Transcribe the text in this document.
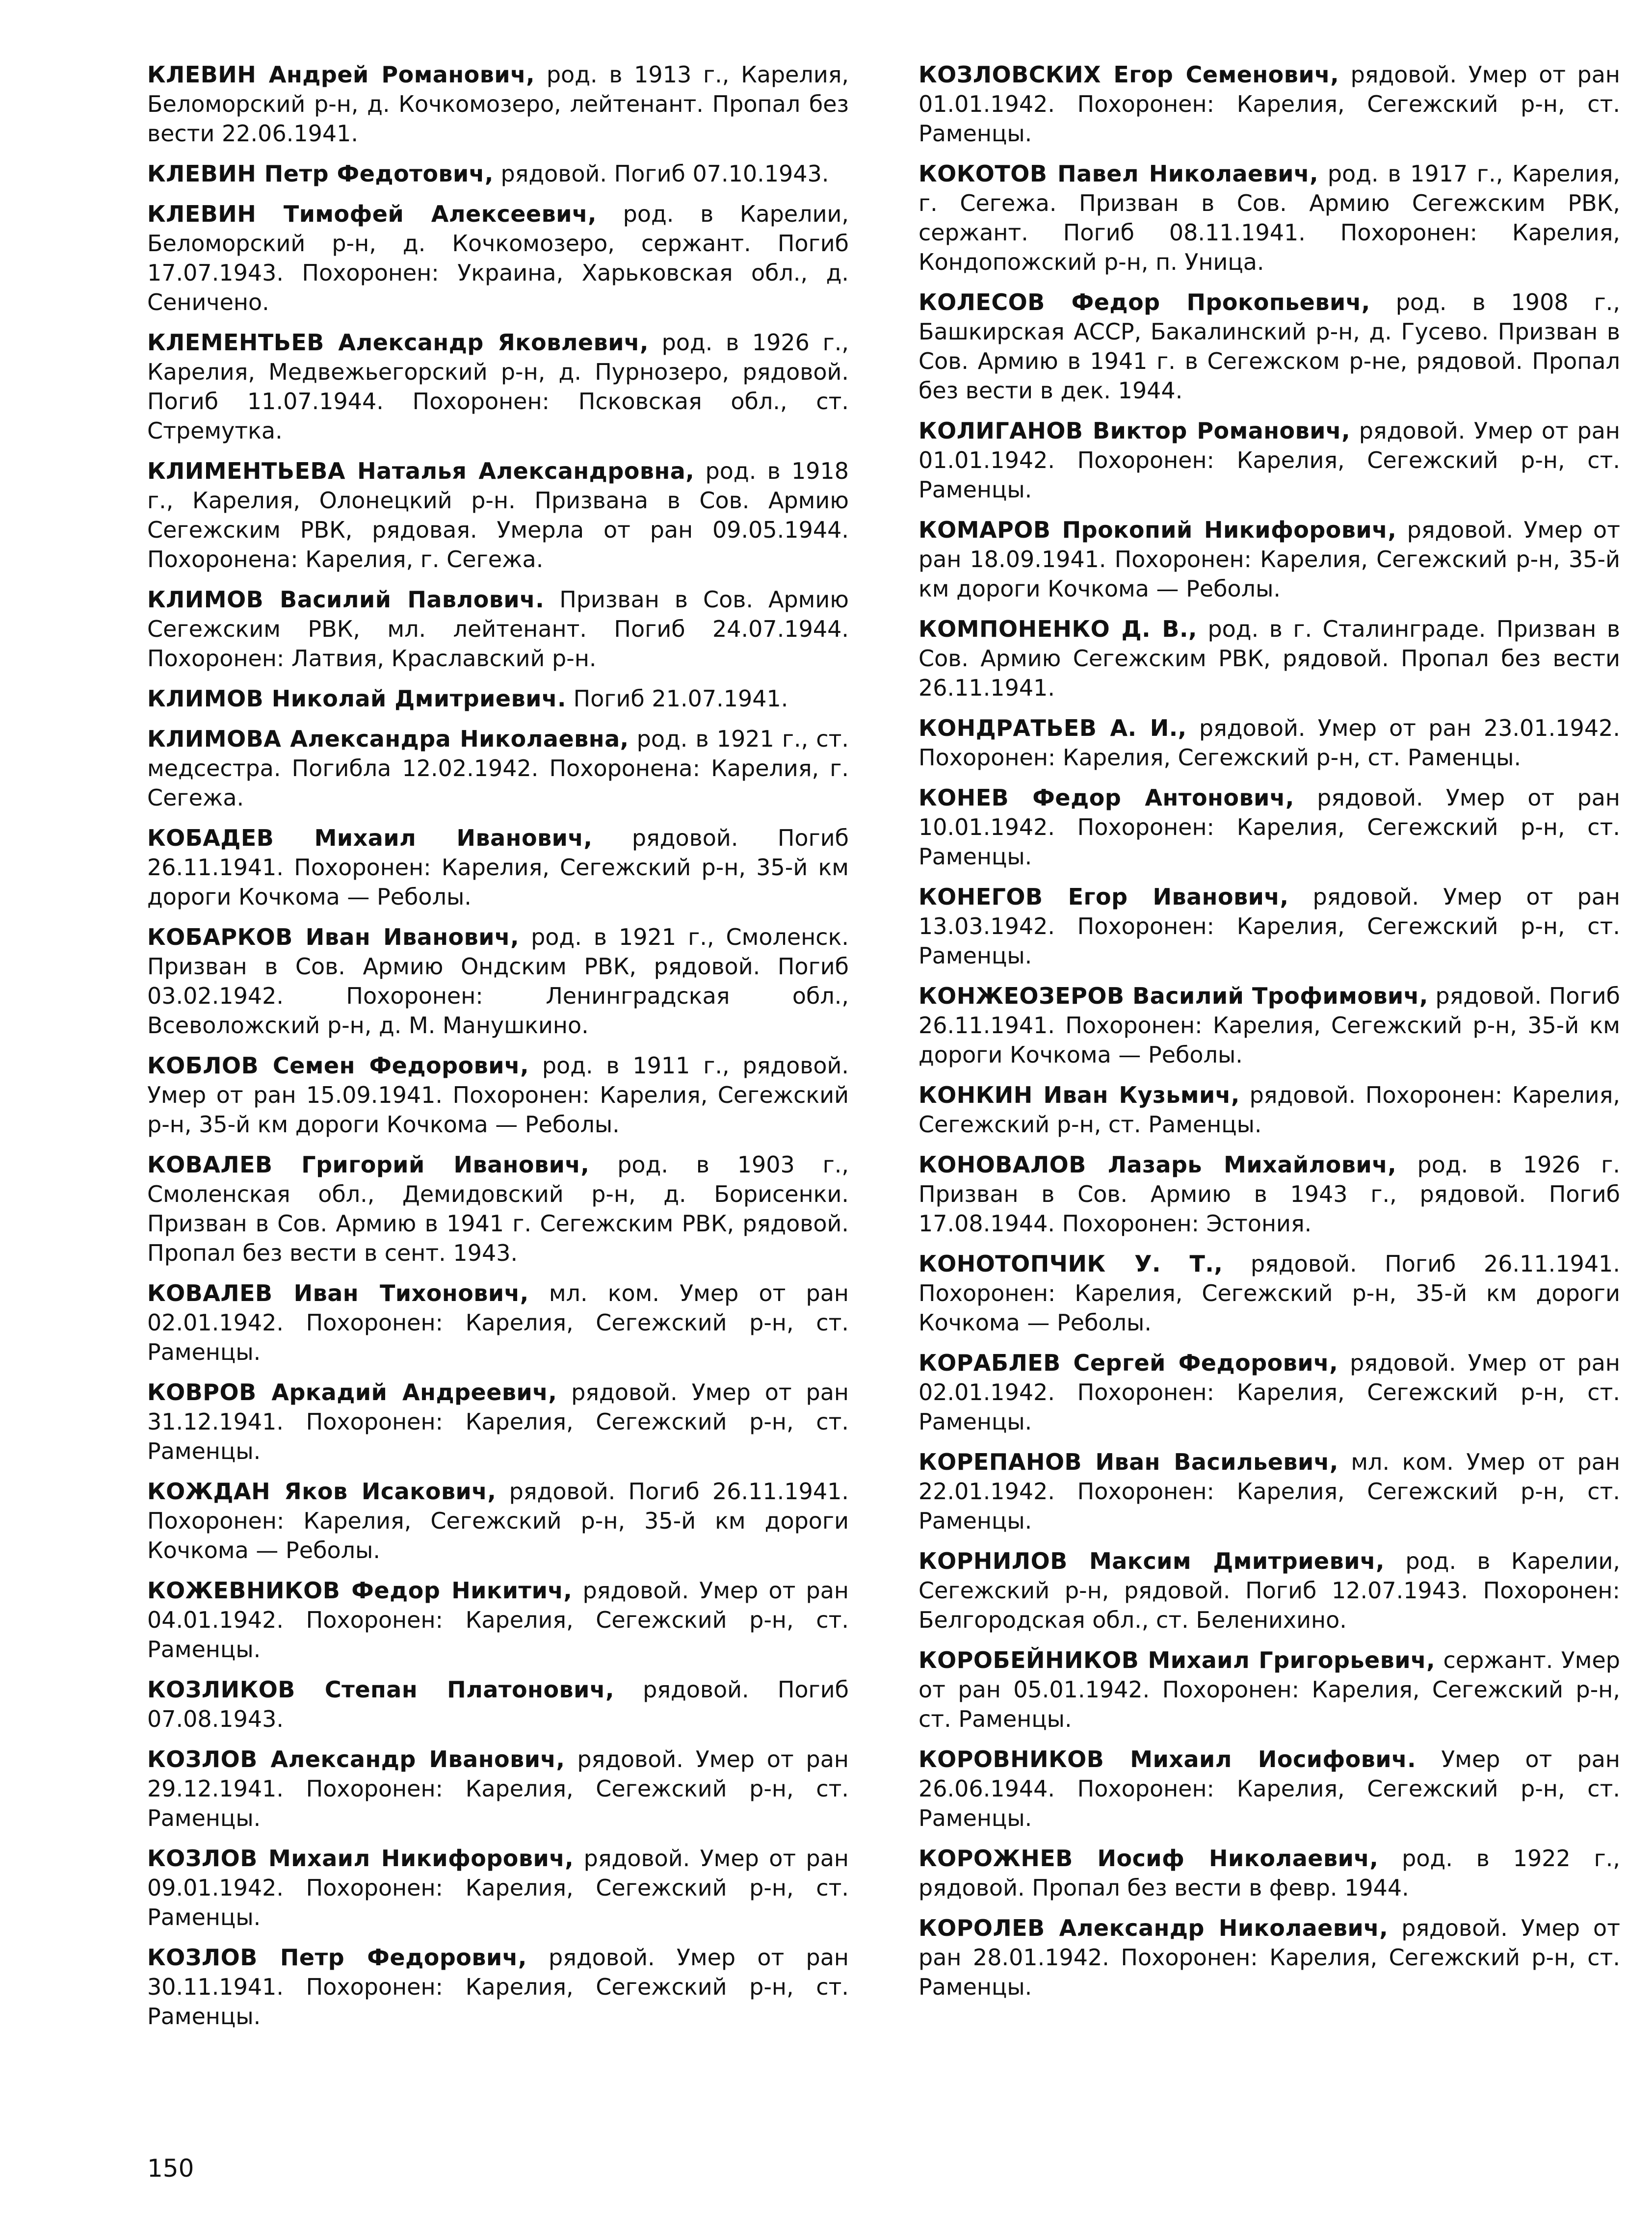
КЛЕВИН Андрей Романович, род. в 1913 г., Карелия, Беломорский р-н, д. Кочкомозеро, лейтенант. Пропал без вести 22.06.1941.

КЛЕВИН Петр Федотович, рядовой. Погиб 07.10.1943.

КЛЕВИН Тимофей Алексеевич, род. в Карелии, Беломорский р-н, д. Кочкомозеро, сержант. Погиб 17.07.1943. Похоронен: Украина, Харьковская обл., д. Сеничено.

КЛЕМЕНТЬЕВ Александр Яковлевич, род. в 1926 г., Карелия, Медвежьегорский р-н, д. Пурнозеро, рядовой. Погиб 11.07.1944. Похоронен: Псковская обл., ст. Стремутка.

КЛИМЕНТЬЕВА Наталья Александровна, род. в 1918 г., Карелия, Олонецкий р-н. Призвана в Сов. Армию Сегежским РВК, рядовая. Умерла от ран 09.05.1944. Похоронена: Карелия, г. Сегежа.

КЛИМОВ Василий Павлович. Призван в Сов. Армию Сегежским РВК, мл. лейтенант. Погиб 24.07.1944. Похоронен: Латвия, Краславский р-н.

КЛИМОВ Николай Дмитриевич. Погиб 21.07.1941.

КЛИМОВА Александра Николаевна, род. в 1921 г., ст. медсестра. Погибла 12.02.1942. Похоронена: Карелия, г. Сегежа.

КОБАДЕВ Михаил Иванович, рядовой. Погиб 26.11.1941. Похоронен: Карелия, Сегежский р-н, 35-й км дороги Кочкома — Реболы.

КОБАРКОВ Иван Иванович, род. в 1921 г., Смоленск. Призван в Сов. Армию Ондским РВК, рядовой. Погиб 03.02.1942. Похоронен: Ленинградская обл., Всеволожский р-н, д. М. Манушкино.

КОБЛОВ Семен Федорович, род. в 1911 г., рядовой. Умер от ран 15.09.1941. Похоронен: Карелия, Сегежский р-н, 35-й км дороги Кочкома — Реболы.

КОВАЛЕВ Григорий Иванович, род. в 1903 г., Смоленская обл., Демидовский р-н, д. Борисенки. Призван в Сов. Армию в 1941 г. Сегежским РВК, рядовой. Пропал без вести в сент. 1943.

КОВАЛЕВ Иван Тихонович, мл. ком. Умер от ран 02.01.1942. Похоронен: Карелия, Сегежский р-н, ст. Раменцы.

КОВРОВ Аркадий Андреевич, рядовой. Умер от ран 31.12.1941. Похоронен: Карелия, Сегежский р-н, ст. Раменцы.

КОЖДАН Яков Исакович, рядовой. Погиб 26.11.1941. Похоронен: Карелия, Сегежский р-н, 35-й км дороги Кочкома — Реболы.

КОЖЕВНИКОВ Федор Никитич, рядовой. Умер от ран 04.01.1942. Похоронен: Карелия, Сегежский р-н, ст. Раменцы.

КОЗЛИКОВ Степан Платонович, рядовой. Погиб 07.08.1943.

КОЗЛОВ Александр Иванович, рядовой. Умер от ран 29.12.1941. Похоронен: Карелия, Сегежский р-н, ст. Раменцы.

КОЗЛОВ Михаил Никифорович, рядовой. Умер от ран 09.01.1942. Похоронен: Карелия, Сегежский р-н, ст. Раменцы.

КОЗЛОВ Петр Федорович, рядовой. Умер от ран 30.11.1941. Похоронен: Карелия, Сегежский р-н, ст. Раменцы.

КОЗЛОВСКИХ Егор Семенович, рядовой. Умер от ран 01.01.1942. Похоронен: Карелия, Сегежский р-н, ст. Раменцы.

КОКОТОВ Павел Николаевич, род. в 1917 г., Карелия, г. Сегежа. Призван в Сов. Армию Сегежским РВК, сержант. Погиб 08.11.1941. Похоронен: Карелия, Кондопожский р-н, п. Уница.

КОЛЕСОВ Федор Прокопьевич, род. в 1908 г., Башкирская АССР, Бакалинский р-н, д. Гусево. Призван в Сов. Армию в 1941 г. в Сегежском р-не, рядовой. Пропал без вести в дек. 1944.

КОЛИГАНОВ Виктор Романович, рядовой. Умер от ран 01.01.1942. Похоронен: Карелия, Сегежский р-н, ст. Раменцы.

КОМАРОВ Прокопий Никифорович, рядовой. Умер от ран 18.09.1941. Похоронен: Карелия, Сегежский р-н, 35-й км дороги Кочкома — Реболы.

КОМПОНЕНКО Д. В., род. в г. Сталинграде. Призван в Сов. Армию Сегежским РВК, рядовой. Пропал без вести 26.11.1941.

КОНДРАТЬЕВ А. И., рядовой. Умер от ран 23.01.1942. Похоронен: Карелия, Сегежский р-н, ст. Раменцы.

КОНЕВ Федор Антонович, рядовой. Умер от ран 10.01.1942. Похоронен: Карелия, Сегежский р-н, ст. Раменцы.

КОНЕГОВ Егор Иванович, рядовой. Умер от ран 13.03.1942. Похоронен: Карелия, Сегежский р-н, ст. Раменцы.

КОНЖЕОЗЕРОВ Василий Трофимович, рядовой. Погиб 26.11.1941. Похоронен: Карелия, Сегежский р-н, 35-й км дороги Кочкома — Реболы.

КОНКИН Иван Кузьмич, рядовой. Похоронен: Карелия, Сегежский р-н, ст. Раменцы.

КОНОВАЛОВ Лазарь Михайлович, род. в 1926 г. Призван в Сов. Армию в 1943 г., рядовой. Погиб 17.08.1944. Похоронен: Эстония.

КОНОТОПЧИК У. Т., рядовой. Погиб 26.11.1941. Похоронен: Карелия, Сегежский р-н, 35-й км дороги Кочкома — Реболы.

КОРАБЛЕВ Сергей Федорович, рядовой. Умер от ран 02.01.1942. Похоронен: Карелия, Сегежский р-н, ст. Раменцы.

КОРЕПАНОВ Иван Васильевич, мл. ком. Умер от ран 22.01.1942. Похоронен: Карелия, Сегежский р-н, ст. Раменцы.

КОРНИЛОВ Максим Дмитриевич, род. в Карелии, Сегежский р-н, рядовой. Погиб 12.07.1943. Похоронен: Белгородская обл., ст. Беленихино.

КОРОБЕЙНИКОВ Михаил Григорьевич, сержант. Умер от ран 05.01.1942. Похоронен: Карелия, Сегежский р-н, ст. Раменцы.

КОРОВНИКОВ Михаил Иосифович. Умер от ран 26.06.1944. Похоронен: Карелия, Сегежский р-н, ст. Раменцы.

КОРОЖНЕВ Иосиф Николаевич, род. в 1922 г., рядовой. Пропал без вести в февр. 1944.

КОРОЛЕВ Александр Николаевич, рядовой. Умер от ран 28.01.1942. Похоронен: Карелия, Сегежский р-н, ст. Раменцы.

150
